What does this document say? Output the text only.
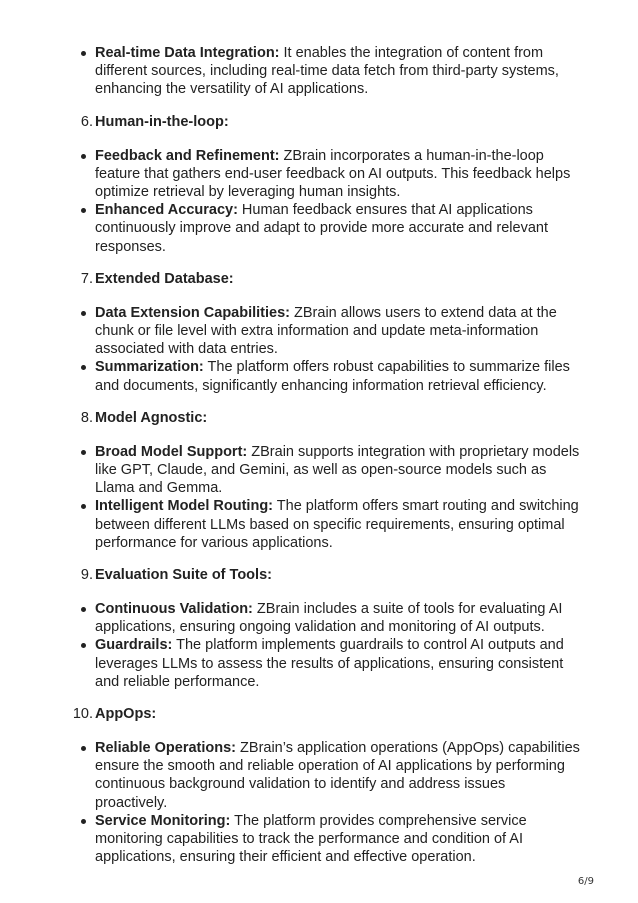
Real-time Data Integration: It enables the integration of content from different sources, including real-time data fetch from third-party systems, enhancing the versatility of AI applications.
6. Human-in-the-loop:
Feedback and Refinement: ZBrain incorporates a human-in-the-loop feature that gathers end-user feedback on AI outputs. This feedback helps optimize retrieval by leveraging human insights.
Enhanced Accuracy: Human feedback ensures that AI applications continuously improve and adapt to provide more accurate and relevant responses.
7. Extended Database:
Data Extension Capabilities: ZBrain allows users to extend data at the chunk or file level with extra information and update meta-information associated with data entries.
Summarization: The platform offers robust capabilities to summarize files and documents, significantly enhancing information retrieval efficiency.
8. Model Agnostic:
Broad Model Support: ZBrain supports integration with proprietary models like GPT, Claude, and Gemini, as well as open-source models such as Llama and Gemma.
Intelligent Model Routing: The platform offers smart routing and switching between different LLMs based on specific requirements, ensuring optimal performance for various applications.
9. Evaluation Suite of Tools:
Continuous Validation: ZBrain includes a suite of tools for evaluating AI applications, ensuring ongoing validation and monitoring of AI outputs.
Guardrails: The platform implements guardrails to control AI outputs and leverages LLMs to assess the results of applications, ensuring consistent and reliable performance.
10. AppOps:
Reliable Operations: ZBrain’s application operations (AppOps) capabilities ensure the smooth and reliable operation of AI applications by performing continuous background validation to identify and address issues proactively.
Service Monitoring: The platform provides comprehensive service monitoring capabilities to track the performance and condition of AI applications, ensuring their efficient and effective operation.
6/9
